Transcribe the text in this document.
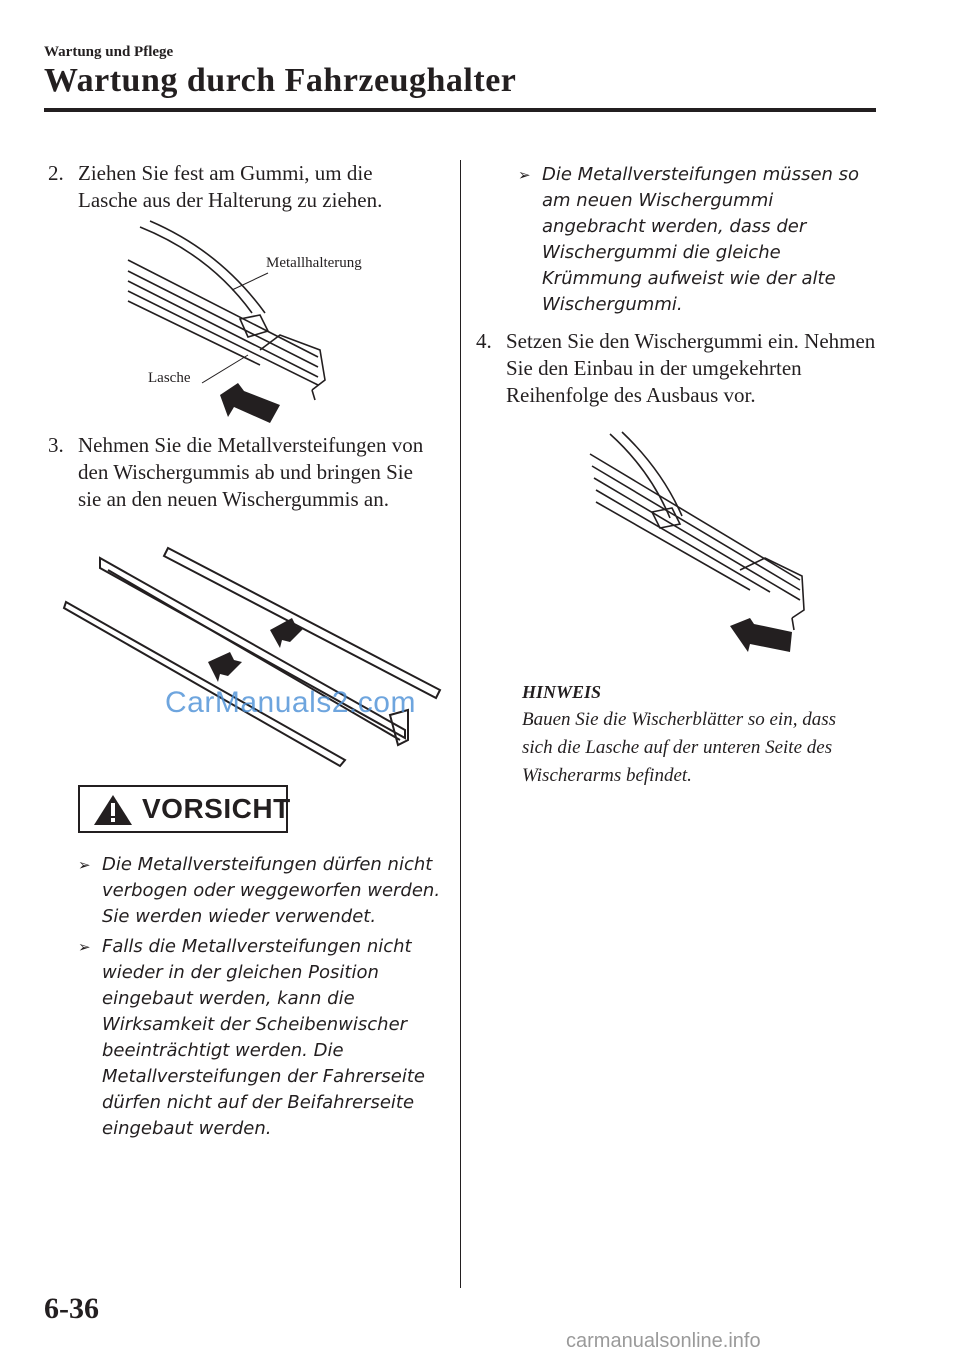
Wartung und Pflege
Wartung durch Fahrzeughalter
2. Ziehen Sie fest am Gummi, um die Lasche aus der Halterung zu ziehen.
Metallhalterung
Lasche
3. Nehmen Sie die Metallversteifungen von den Wischergummis ab und bringen Sie sie an den neuen Wischergummis an.
CarManuals2.com
VORSICHT
➢ Die Metallversteifungen dürfen nicht verbogen oder weggeworfen werden. Sie werden wieder verwendet.
➢ Falls die Metallversteifungen nicht wieder in der gleichen Position eingebaut werden, kann die Wirksamkeit der Scheibenwischer beeinträchtigt werden. Die Metallversteifungen der Fahrerseite dürfen nicht auf der Beifahrerseite eingebaut werden.
➢ Die Metallversteifungen müssen so am neuen Wischergummi angebracht werden, dass der Wischergummi die gleiche Krümmung aufweist wie der alte Wischergummi.
4. Setzen Sie den Wischergummi ein. Nehmen Sie den Einbau in der umgekehrten Reihenfolge des Ausbaus vor.
HINWEIS
Bauen Sie die Wischerblätter so ein, dass sich die Lasche auf der unteren Seite des Wischerarms befindet.
6-36
carmanualsonline.info
